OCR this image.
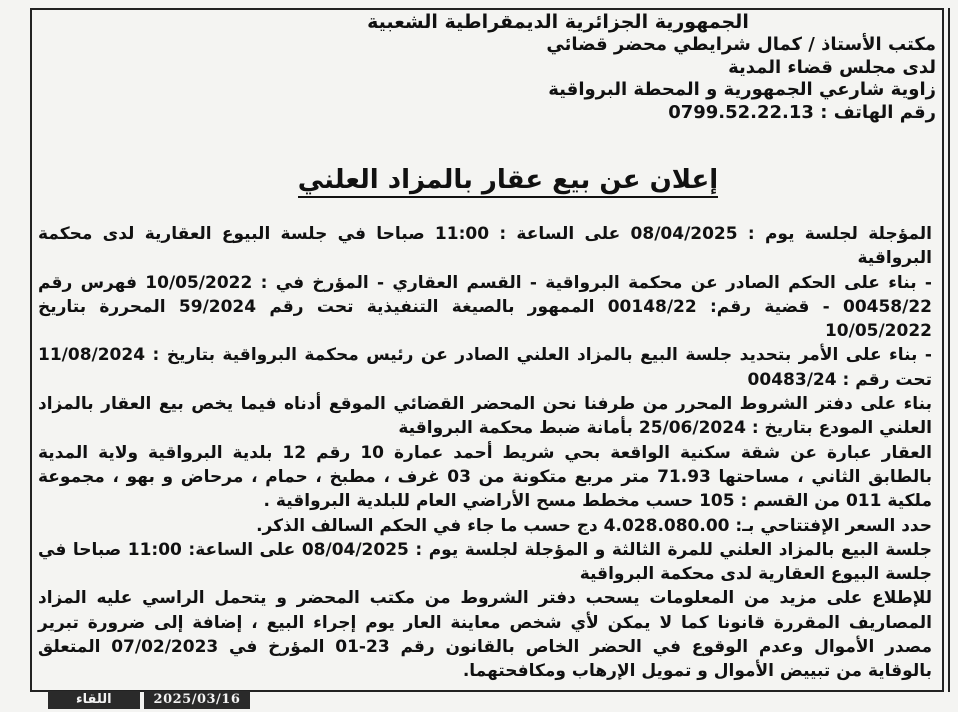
الجمهورية الجزائرية الديمقراطية الشعبية
مكتب الأستاذ / كمال شرايطي محضر قضائي
لدى مجلس قضاء المدية
زاوية شارعي الجمهورية و المحطة البرواقية
رقم الهاتف : 0799.52.22.13
إعلان عن بيع عقار بالمزاد العلني

المؤجلة لجلسة يوم : 08/04/2025 على الساعة : 11:00 صباحا في جلسة البيوع العقارية لدى محكمة البرواقية

- بناء على الحكم الصادر عن محكمة البرواقية - القسم العقاري - المؤرخ في : 10/05/2022 فهرس رقم 00458/22 - قضية رقم: 00148/22 الممهور بالصيغة التنفيذية تحت رقم 59/2024 المحررة بتاريخ 10/05/2022

- بناء على الأمر بتحديد جلسة البيع بالمزاد العلني الصادر عن رئيس محكمة البرواقية بتاريخ : 11/08/2024 تحت رقم : 00483/24

بناء على دفتر الشروط المحرر من طرفنا نحن المحضر القضائي الموقع أدناه فيما يخص بيع العقار بالمزاد العلني المودع بتاريخ : 25/06/2024 بأمانة ضبط محكمة البرواقية

العقار عبارة عن شقة سكنية الواقعة بحي شريط أحمد عمارة 10 رقم 12 بلدية البرواقية ولاية المدية بالطابق الثاني ، مساحتها 71.93 متر مربع متكونة من 03 غرف ، مطبخ ، حمام ، مرحاض و بهو ، مجموعة ملكية 011 من القسم : 105 حسب مخطط مسح الأراضي العام للبلدية البرواقية .

حدد السعر الإفتتاحي بـ: 4.028.080.00 دج حسب ما جاء في الحكم السالف الذكر.

جلسة البيع بالمزاد العلني للمرة الثالثة و المؤجلة لجلسة يوم : 08/04/2025 على الساعة: 11:00 صباحا في جلسة البيوع العقارية لدى محكمة البرواقية

للإطلاع على مزيد من المعلومات يسحب دفتر الشروط من مكتب المحضر و يتحمل الراسي عليه المزاد المصاريف المقررة قانونا كما لا يمكن لأي شخص معاينة العار يوم إجراء البيع ، إضافة إلى ضرورة تبرير مصدر الأموال وعدم الوقوع في الحضر الخاص بالقانون رقم 23-01 المؤرخ في 07/02/2023 المتعلق بالوقاية من تبييض الأموال و تمويل الإرهاب ومكافحتهما.

2025/03/16
اللقاء
